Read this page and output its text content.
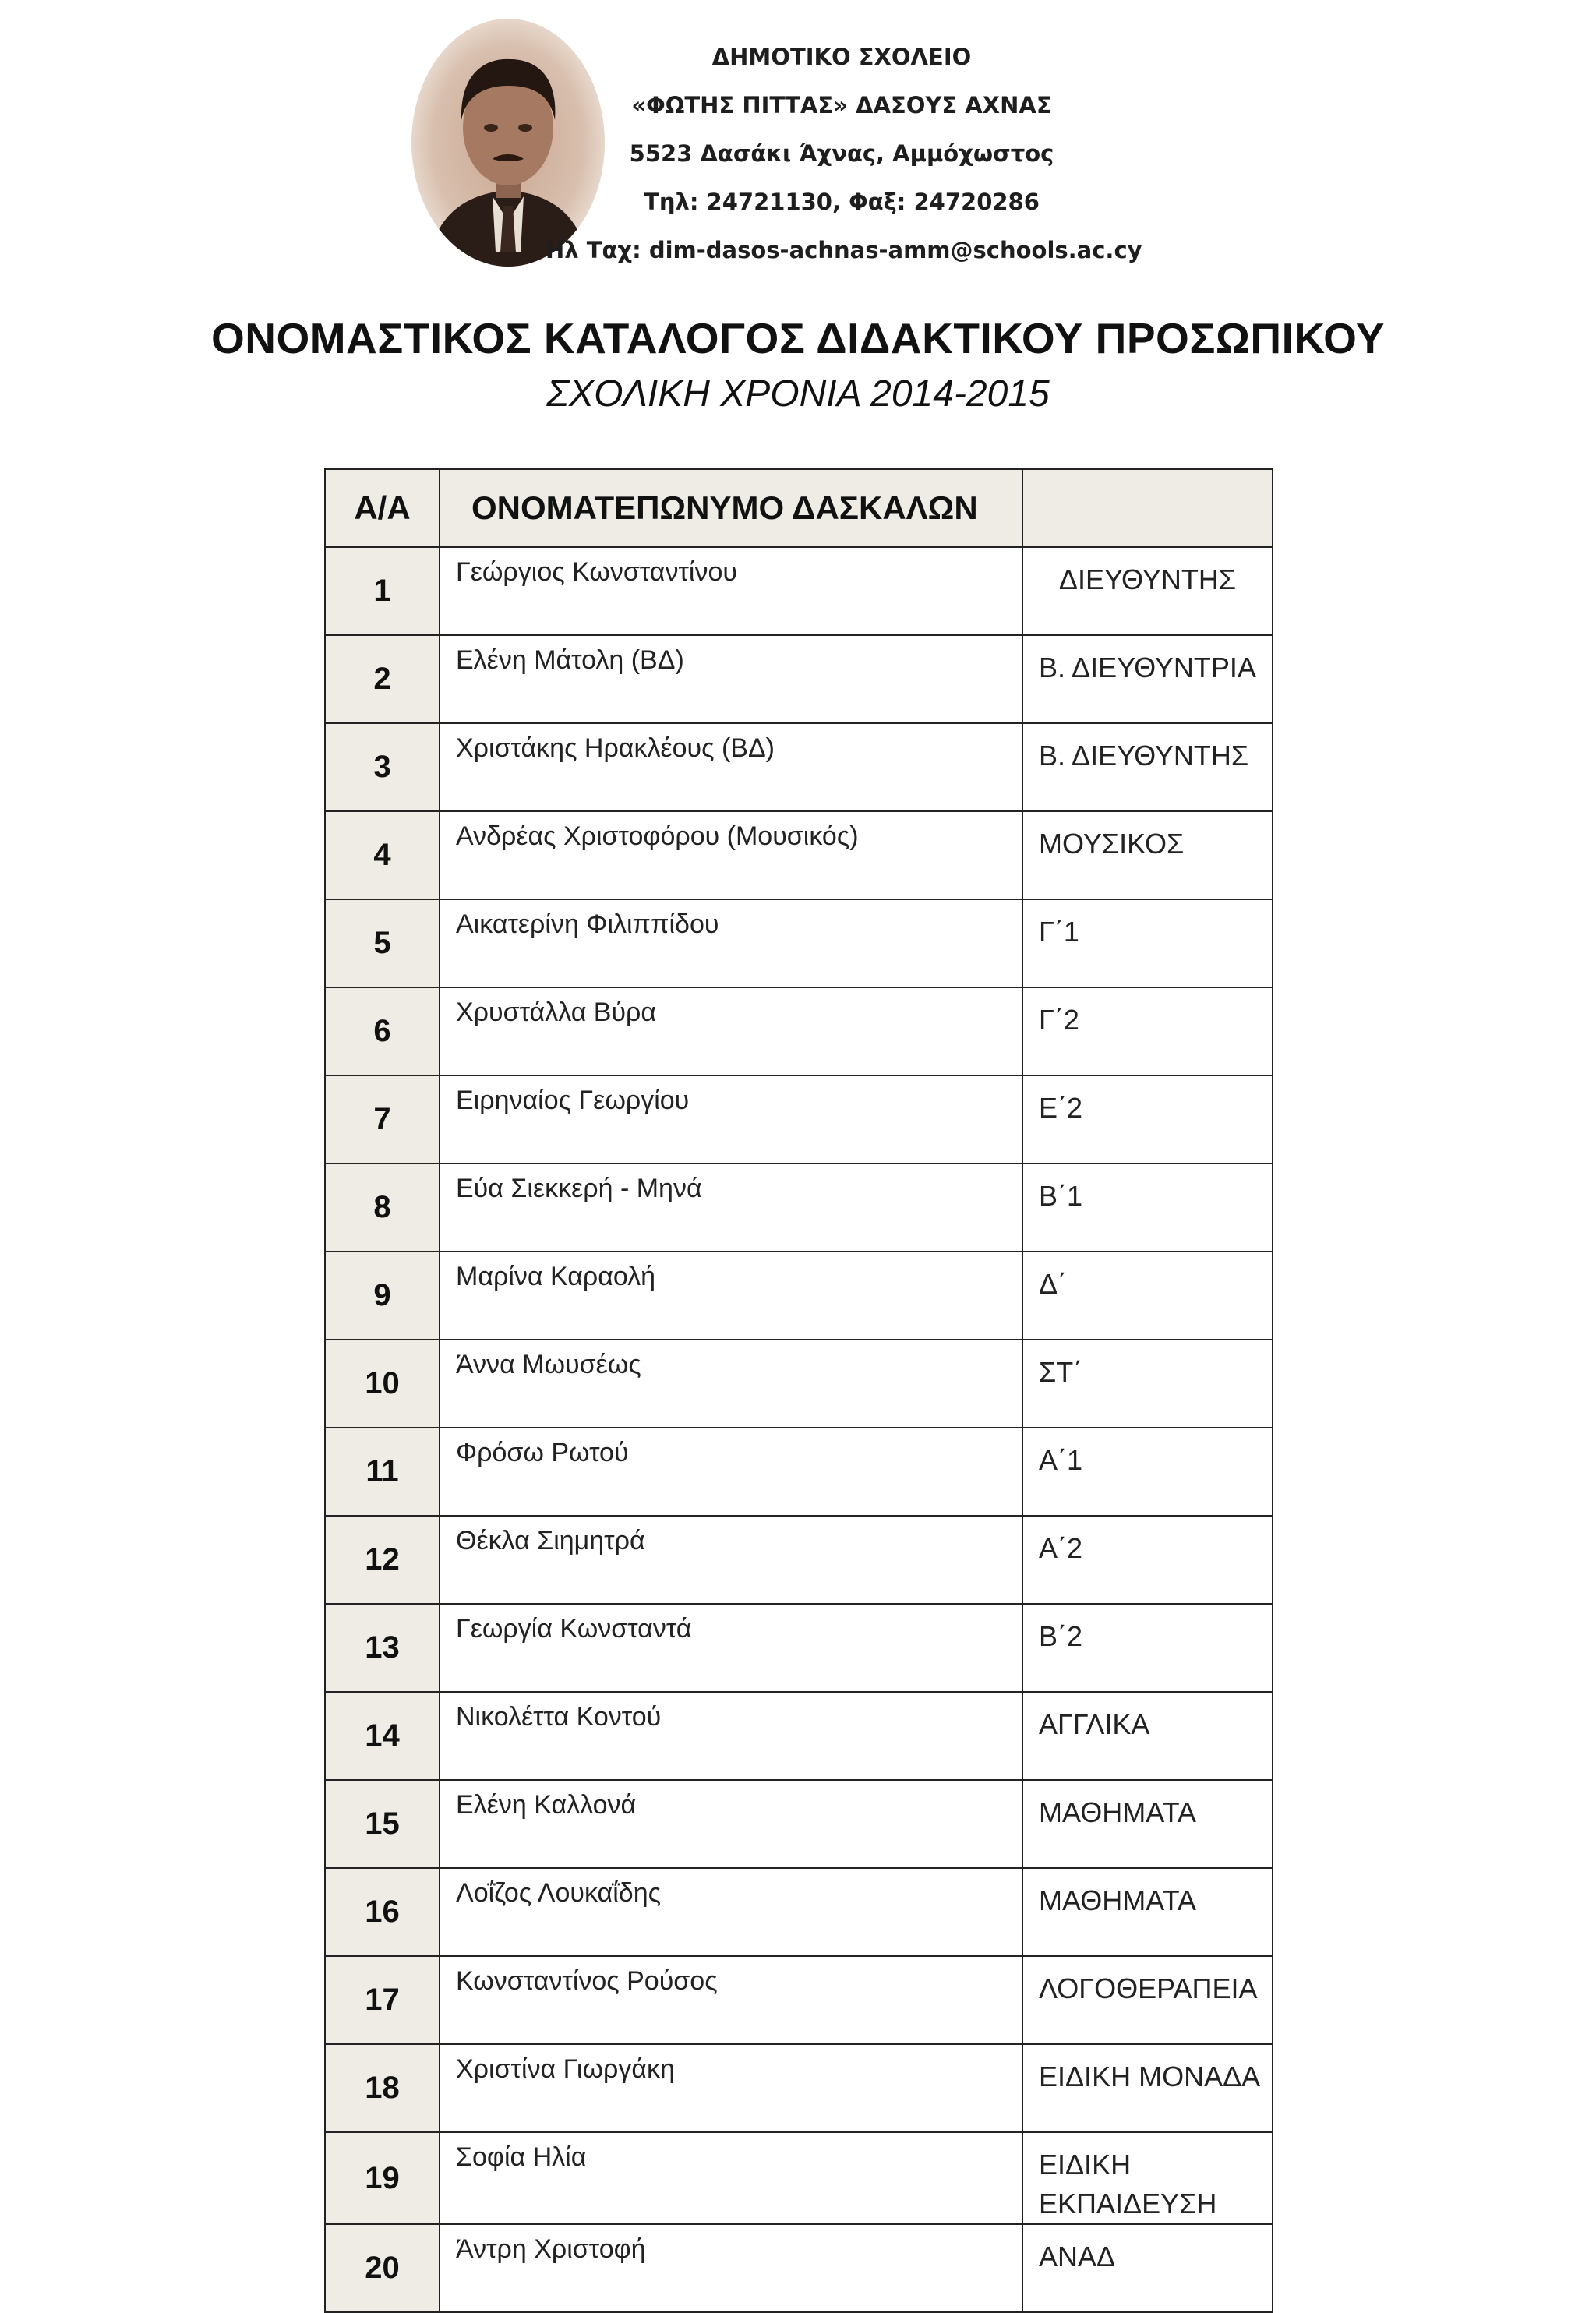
ΔΗΜΟΤΙΚΟ ΣΧΟΛΕΙΟ
«ΦΩΤΗΣ ΠΙΤΤΑΣ» ΔΑΣΟΥΣ ΑΧΝΑΣ
5523 Δασάκι Άχνας, Αμμόχωστος
Τηλ: 24721130, Φαξ: 24720286
Ηλ Ταχ: dim-dasos-achnas-amm@schools.ac.cy
ΟΝΟΜΑΣΤΙΚΟΣ ΚΑΤΑΛΟΓΟΣ ΔΙΔΑΚΤΙΚΟΥ ΠΡΟΣΩΠΙΚΟΥ
ΣΧΟΛΙΚΗ ΧΡΟΝΙΑ 2014-2015
Α/Α	ΟΝΟΜΑΤΕΠΩΝΥΜΟ ΔΑΣΚΑΛΩΝ	
1	Γεώργιος Κωνσταντίνου	ΔΙΕΥΘΥΝΤΗΣ
2	Ελένη Μάτολη (ΒΔ)	Β. ΔΙΕΥΘΥΝΤΡΙΑ
3	Χριστάκης Ηρακλέους (ΒΔ)	Β. ΔΙΕΥΘΥΝΤΗΣ
4	Ανδρέας Χριστοφόρου (Μουσικός)	ΜΟΥΣΙΚΟΣ
5	Αικατερίνη Φιλιππίδου	Γ΄1
6	Χρυστάλλα Βύρα	Γ΄2
7	Ειρηναίος Γεωργίου	Ε΄2
8	Εύα Σιεκκερή - Μηνά	Β΄1
9	Μαρίνα Καραολή	Δ΄
10	Άννα Μωυσέως	ΣΤ΄
11	Φρόσω Ρωτού	Α΄1
12	Θέκλα Σιημητρά	Α΄2
13	Γεωργία Κωνσταντά	Β΄2
14	Νικολέττα Κοντού	ΑΓΓΛΙΚΑ
15	Ελένη Καλλονά	ΜΑΘΗΜΑΤΑ
16	Λοΐζος Λουκαΐδης	ΜΑΘΗΜΑΤΑ
17	Κωνσταντίνος Ρούσος	ΛΟΓΟΘΕΡΑΠΕΙΑ
18	Χριστίνα Γιωργάκη	ΕΙΔΙΚΗ ΜΟΝΑΔΑ
19	Σοφία Ηλία	ΕΙΔΙΚΗ ΕΚΠΑΙΔΕΥΣΗ
20	Άντρη Χριστοφή	ΑΝΑΔ
